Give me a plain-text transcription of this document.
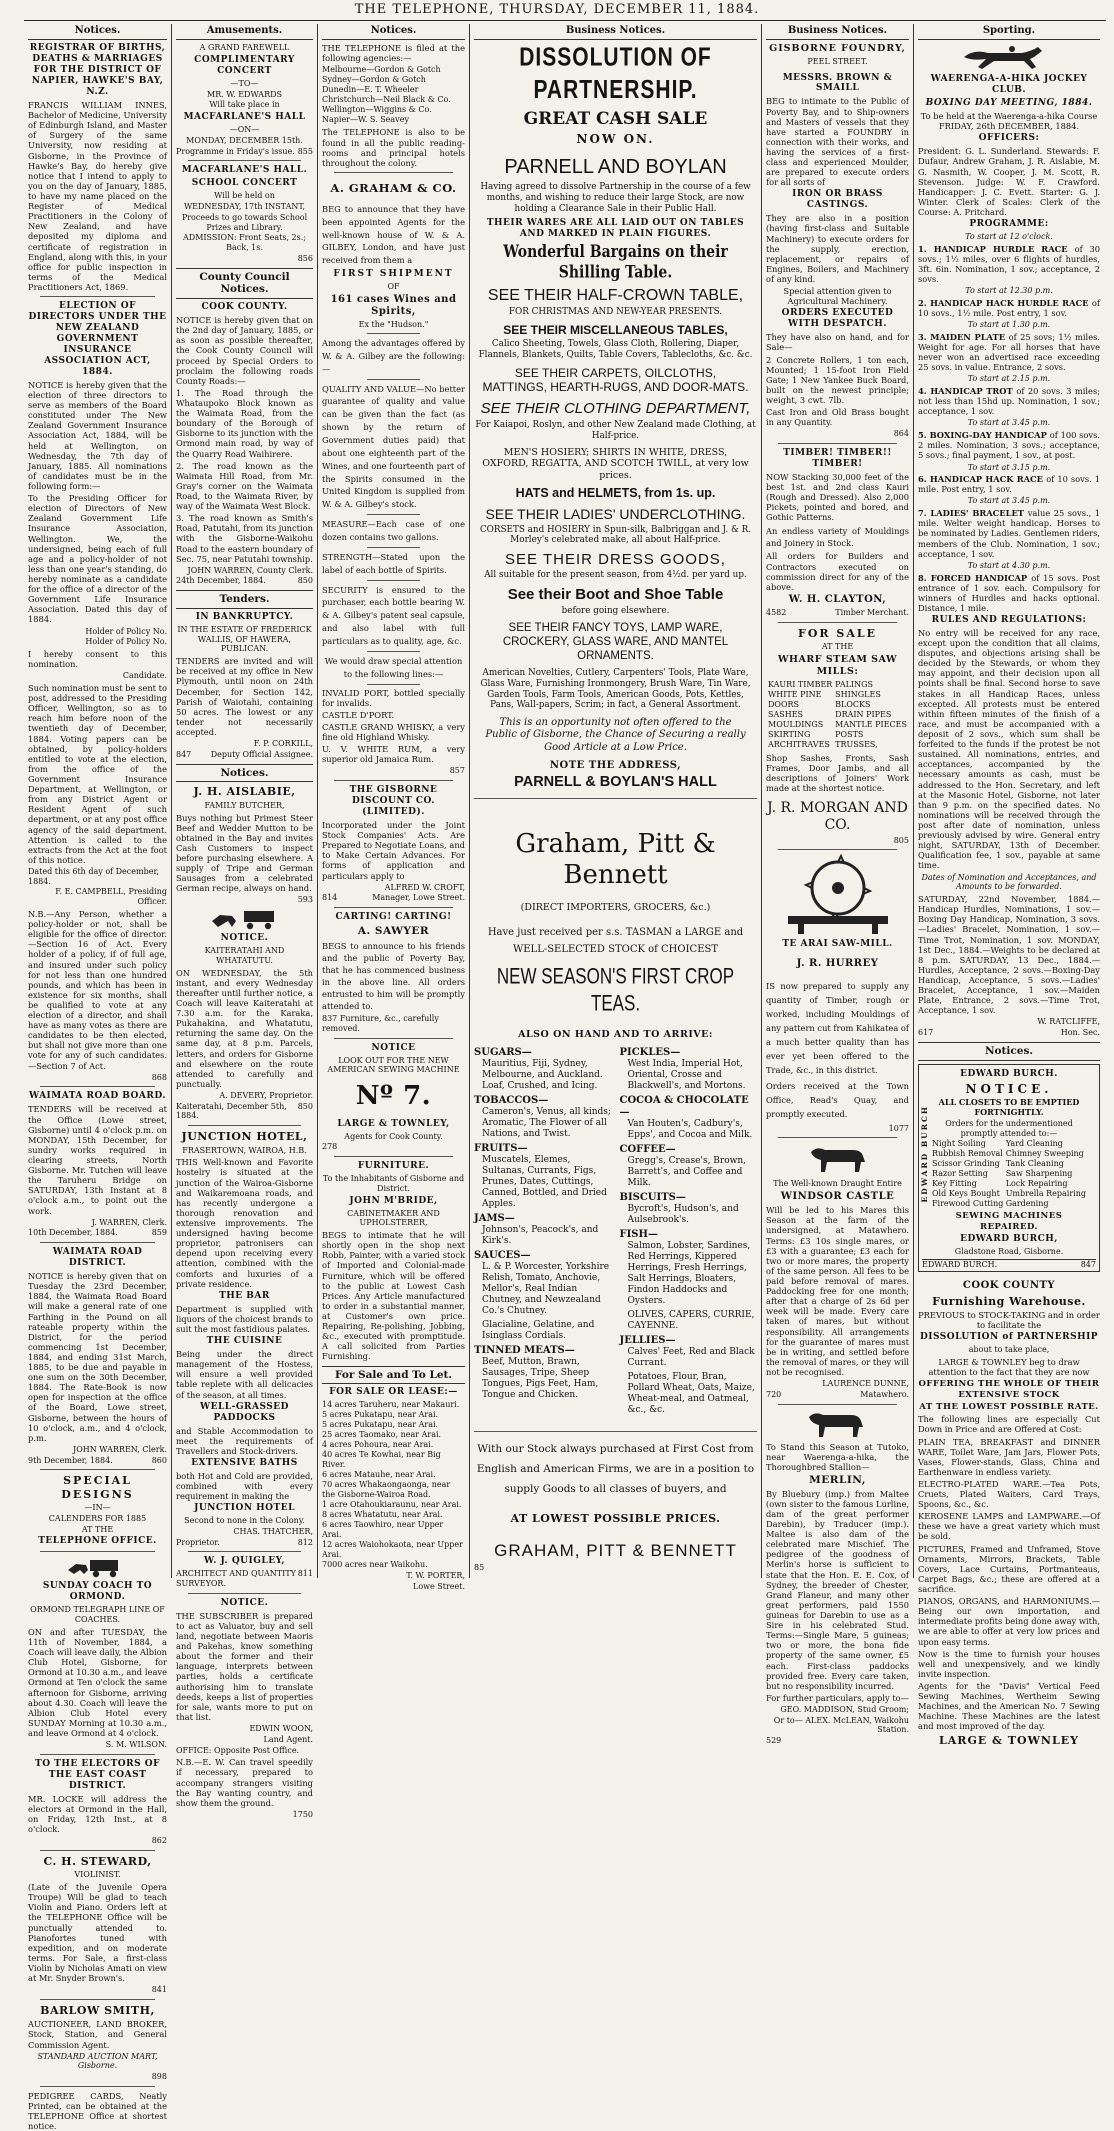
THE TELEPHONE, THURSDAY, DECEMBER 11, 1884.
Notices.
REGISTRAR OF BIRTHS, DEATHS & MARRIAGES FOR THE DISTRICT OF NAPIER, HAWKE'S BAY, N.Z.

FRANCIS WILLIAM INNES, Bachelor of Medicine, University of Edinburgh Island, and Master of Surgery of the same University, now residing at Gisborne, in the Province of Hawke's Bay, do hereby give notice that I intend to apply to you on the day of January, 1885, to have my name placed on the Register of Medical Practitioners in the Colony of New Zealand, and have deposited my diploma and certificate of registration in England, along with this, in your office for public inspection in terms of the Medical Practitioners Act, 1869.

ELECTION OF DIRECTORS UNDER THE NEW ZEALAND GOVERNMENT INSURANCE ASSOCIATION ACT, 1884.

NOTICE is hereby given that the election of three directors to serve as members of the Board constituted under The New Zealand Government Insurance Association Act, 1884, will be held at Wellington, on Wednesday, the 7th day of January, 1885. All nominations of candidates must be in the following form:—

To the Presiding Officer for election of Directors of New Zealand Government Life Insurance Association, Wellington. We, the undersigned, being each of full age and a policy-holder of not less than one year's standing, do hereby nominate as a candidate for the office of a director of the Government Life Insurance Association. Dated this day of 1884.

Holder of Policy No.
Holder of Policy No.

I hereby consent to this nomination.

Candidate.

Such nomination must be sent to post, addressed to the Presiding Officer, Wellington, so as to reach him before noon of the twentieth day of December, 1884. Voting papers can be obtained, by policy-holders entitled to vote at the election, from the office of the Government Insurance Department, at Wellington, or from any District Agent or Resident Agent of such department, or at any post office agency of the said department. Attention is called to the extracts from the Act at the foot of this notice.

Dated this 6th day of December, 1884.
F. E. CAMPBELL, Presiding Officer.

N.B.—Any Person, whether a policy-holder or not, shall be eligible for the office of director.—Section 16 of Act. Every holder of a policy, if of full age, and insured under such policy for not less than one hundred pounds, and which has been in existence for six months, shall be qualified to vote at any election of a director, and shall have as many votes as there are candidates to be then elected, but shall not give more than one vote for any of such candidates.—Section 7 of Act.

868
WAIMATA ROAD BOARD.

TENDERS will be received at the Office (Lowe street, Gisborne) until 4 o'clock p.m. on MONDAY, 15th December, for sundry works required in clearing streets, North Gisborne. Mr. Tutchen will leave the Taruheru Bridge on SATURDAY, 13th Instant at 8 o'clock a.m., to point out the work.

J. WARREN, Clerk.
10th December, 1884.	859
WAIMATA ROAD DISTRICT.

NOTICE is hereby given that on Tuesday the 23rd December, 1884, the Waimata Road Board will make a general rate of one Farthing in the Pound on all rateable property within the District, for the period commencing 1st December, 1884, and ending 31st March, 1885, to be due and payable in one sum on the 30th December, 1884. The Rate-Book is now open for inspection at the office of the Board, Lowe street, Gisborne, between the hours of 10 o'clock, a.m., and 4 o'clock, p.m.

JOHN WARREN, Clerk.
9th December, 1884.	860
SPECIAL DESIGNS
—IN—
CALENDERS FOR 1885
AT THE
TELEPHONE OFFICE.
SUNDAY COACH TO ORMOND.
ORMOND TELEGRAPH LINE OF COACHES.

ON and after TUESDAY, the 11th of November, 1884, a Coach will leave daily, the Albion Club Hotel, Gisborne, for Ormond at 10.30 a.m., and leave Ormond at Ten o'clock the same afternoon for Gisborne, arriving about 4.30. Coach will leave the Albion Club Hotel every SUNDAY Morning at 10.30 a.m., and leave Ormond at 4 o'clock.

S. M. WILSON.
TO THE ELECTORS OF THE EAST COAST DISTRICT.

MR. LOCKE will address the electors at Ormond in the Hall, on Friday, 12th Inst., at 8 o'clock.

862
C. H. STEWARD,
VIOLINIST.

(Late of the Juvenile Opera Troupe) Will be glad to teach Violin and Piano. Orders left at the TELEPHONE Office will be punctually attended to. Pianofortes tuned with expedition, and on moderate terms. For Sale, a first-class Violin by Nicholas Amati on view at Mr. Snyder Brown's.

841
BARLOW SMITH,

AUCTIONEER, LAND BROKER, Stock, Station, and General Commission Agent.

STANDARD AUCTION MART, Gisborne.
898

PEDIGREE CARDS, Neatly Printed, can be obtained at the TELEPHONE Office at shortest notice.

Amusements.
A GRAND FAREWELL
COMPLIMENTARY CONCERT
—TO—
MR. W. EDWARDS
Will take place in
MACFARLANE'S HALL
—ON—
MONDAY, DECEMBER 15th.
Programme in Friday's issue. 855
MACFARLANE'S HALL.
SCHOOL CONCERT
Will be held on
WEDNESDAY, 17th INSTANT,
Proceeds to go towards School Prizes and Library.
ADMISSION: Front Seats, 2s.; Back, 1s.
856
County Council Notices.
COOK COUNTY.

NOTICE is hereby given that on the 2nd day of January, 1885, or as soon as possible thereafter, the Cook County Council will proceed by Special Orders to proclaim the following roads County Roads:—

1. The Road through the Whataupoko Block known as the Waimata Road, from the boundary of the Borough of Gisborne to its junction with the Ormond main road, by way of the Quarry Road Waihirere.

2. The road known as the Waimata Hill Road, from Mr. Gray's corner on the Waimata Road, to the Waimata River, by way of the Waimata West Block.

3. The road known as Smith's Road, Patutahi, from its junction with the Gisborne-Waikohu Road to the eastern boundary of Sec. 75, near Patutahi township.

JOHN WARREN, County Clerk.
24th December, 1884.	850
Tenders.
IN BANKRUPTCY.
IN THE ESTATE OF FREDERICK WALLIS, OF HAWERA, PUBLICAN.

TENDERS are invited and will be received at my office in New Plymouth, until noon on 24th December, for Section 142, Parish of Waiotahi, containing 50 acres. The lowest or any tender not necessarily accepted.

F. P. CORKILL,
847 Deputy Official Assignee.
Notices.
J. H. AISLABIE,
FAMILY BUTCHER,

Buys nothing but Primest Steer Beef and Wedder Mutton to be obtained in the Bay and invites Cash Customers to inspect before purchasing elsewhere. A supply of Tripe and German Sausages from a celebrated German recipe, always on hand.

593
NOTICE.
KAITERATAHI AND WHATATUTU.

ON WEDNESDAY, the 5th instant, and every Wednesday thereafter until further notice, a Coach will leave Kaiteratahi at 7.30 a.m. for the Karaka, Pukahakina, and Whatatutu, returning the same day. On the same day, at 8 p.m. Parcels, letters, and orders for Gisborne and elsewhere on the route attended to carefully and punctually.

A. DEVERY, Proprietor.
Kaiteratahi, December 5th, 1884.
850
JUNCTION HOTEL,
FRASERTOWN, WAIROA, H.B.

THIS Well-known and Favorite hostelry is situated at the junction of the Wairoa-Gisborne and Waikaremoana roads, and has recently undergone a thorough renovation and extensive improvements. The undersigned having become proprietor, patronisers can depend upon receiving every attention, combined with the comforts and luxuries of a private residence.

THE BAR

Department is supplied with liquors of the choicest brands to suit the most fastidious palates.

THE CUISINE

Being under the direct management of the Hostess, will ensure a well provided table replete with all delicacies of the season, at all times.

WELL-GRASSED PADDOCKS

and Stable Accommodation to meet the requirements of Travellers and Stock-drivers.

EXTENSIVE BATHS

both Hot and Cold are provided, combined with every requirement in making the

JUNCTION HOTEL
Second to none in the Colony.
CHAS. THATCHER,
Proprietor.	812
W. J. QUIGLEY,
ARCHITECT AND QUANTITY SURVEYOR.
811
NOTICE.

THE SUBSCRIBER is prepared to act as Valuator, buy and sell land, negotiate between Maoris and Pakehas, know something about the former and their language, interprets between parties, holds a certificate authorising him to translate deeds, keeps a list of properties for sale, wants more to put on that list.

EDWIN WOON,
Land Agent.
OFFICE: Opposite Post Office.

N.B.—E. W. Can travel speedily if necessary, prepared to accompany strangers visiting the Bay wanting country, and show them the ground.

1750
Notices.

THE TELEPHONE is filed at the following agencies:—

Melbourne—Gordon & Gotch
Sydney—Gordon & Gotch
Dunedin—E. T. Wheeler
Christchurch—Neil Black & Co.
Wellington—Wiggins & Co.
Napier—W. S. Seavey

The TELEPHONE is also to be found in all the public reading-rooms and principal hotels throughout the colony.

A. GRAHAM & CO.

BEG to announce that they have been appointed Agents for the well-known house of W. & A. GILBEY, London, and have just received from them a

FIRST SHIPMENT
OF
161 cases Wines and Spirits,
Ex the "Hudson."

Among the advantages offered by W. & A. Gilbey are the following:—

QUALITY AND VALUE—No better guarantee of quality and value can be given than the fact (as shown by the return of Government duties paid) that about one eighteenth part of the Wines, and one fourteenth part of the Spirits consumed in the United Kingdom is supplied from W. & A. Gilbey's stock.

MEASURE—Each case of one dozen contains two gallons.

STRENGTH—Stated upon the label of each bottle of Spirits.

SECURITY is ensured to the purchaser, each bottle bearing W. & A. Gilbey's patent seal capsule, and also label with full particulars as to quality, age, &c.

We would draw special attention to the following lines:—

INVALID PORT, bottled specially for invalids.

CASTLE D'PORT.

CASTLE GRAND WHISKY, a very fine old Highland Whisky.

U. V. WHITE RUM, a very superior old Jamaica Rum.

857
THE GISBORNE DISCOUNT CO. (LIMITED).

Incorporated under the Joint Stock Companies' Acts. Are Prepared to Negotiate Loans, and to Make Certain Advances. For forms of application and particulars apply to

ALFRED W. CROFT,
814	Manager, Lowe Street.
CARTING! CARTING!
A. SAWYER

BEGS to announce to his friends and the public of Poverty Bay, that he has commenced business in the above line. All orders entrusted to him will be promptly attended to.

837 Furniture, &c., carefully removed.
NOTICE
LOOK OUT FOR THE NEW AMERICAN SEWING MACHINE
Nº 7.
LARGE & TOWNLEY,
Agents for Cook County.
278
FURNITURE.
To the Inhabitants of Gisborne and District.
JOHN M'BRIDE,
CABINETMAKER AND UPHOLSTERER,

BEGS to intimate that he will shortly open in the shop next Robb, Painter, with a varied stock of Imported and Colonial-made Furniture, which will be offered to the public at Lowest Cash Prices. Any Article manufactured to order in a substantial manner, at Customer's own price. Repairing, Re-polishing, Jobbing, &c., executed with promptitude. A call solicited from Parties Furnishing.

For Sale and To Let.
FOR SALE OR LEASE:—
14 acres Taruheru, near Makauri.
5 acres Pukatapu, near Arai.
5 acres Pukatapu, near Arai.
25 acres Taomako, near Arai.
4 acres Pohoura, near Arai.
40 acres Te Kowhai, near Big River.
6 acres Matauhe, near Arai.
70 acres Whakaongaonga, near the Gisborne-Wairoa Road.
1 acre Otahoukiaraunu, near Arai.
8 acres Whatatutu, near Arai.
6 acres Taowhiro, near Upper Arai.
12 acres Waiohokaota, near Upper Arai.
7000 acres near Waikohu.
T. W. PORTER,
Lowe Street.
Business Notices.
DISSOLUTION OF PARTNERSHIP.
GREAT CASH SALE
NOW ON.
PARNELL AND BOYLAN

Having agreed to dissolve Partnership in the course of a few months, and wishing to reduce their large Stock, are now holding a Clearance Sale in their Public Hall.

THEIR WARES ARE ALL LAID OUT ON TABLES AND MARKED IN PLAIN FIGURES.
Wonderful Bargains on their Shilling Table.
SEE THEIR HALF-CROWN TABLE,
FOR CHRISTMAS AND NEW-YEAR PRESENTS.
SEE THEIR MISCELLANEOUS TABLES,

Calico Sheeting, Towels, Glass Cloth, Rollering, Diaper, Flannels, Blankets, Quilts, Table Covers, Tablecloths, &c. &c.

SEE THEIR CARPETS, OILCLOTHS, MATTINGS, HEARTH-RUGS, AND DOOR-MATS.
SEE THEIR CLOTHING DEPARTMENT,

For Kaiapoi, Roslyn, and other New Zealand made Clothing, at Half-price.

MEN'S HOSIERY; SHIRTS IN WHITE, DRESS, OXFORD, REGATTA, AND SCOTCH TWILL, at very low prices.

HATS and HELMETS, from 1s. up.
SEE THEIR LADIES' UNDERCLOTHING.

CORSETS and HOSIERY in Spun-silk, Balbriggan and J. & R. Morley's celebrated make, all about Half-price.

SEE THEIR DRESS GOODS,
All suitable for the present season, from 4½d. per yard up.
See their Boot and Shoe Table
before going elsewhere.
SEE THEIR FANCY TOYS, LAMP WARE, CROCKERY, GLASS WARE, AND MANTEL ORNAMENTS.

American Novelties, Cutlery, Carpenters' Tools, Plate Ware, Glass Ware, Furnishing Ironmongery, Brush Ware, Tin Ware, Garden Tools, Farm Tools, American Goods, Pots, Kettles, Pans, Wall-papers, Scrim; in fact, a General Assortment.

This is an opportunity not often offered to the Public of Gisborne, the Chance of Securing a really Good Article at a Low Price.

NOTE THE ADDRESS,
PARNELL & BOYLAN'S HALL
Graham, Pitt & Bennett
(DIRECT IMPORTERS, GROCERS, &c.)

Have just received per s.s. TASMAN a LARGE and WELL-SELECTED STOCK of CHOICEST

NEW SEASON'S FIRST CROP TEAS.
ALSO ON HAND AND TO ARRIVE:
SUGARS—
Mauritius, Fiji, Sydney, Melbourne, and Auckland. Loaf, Crushed, and Icing.
TOBACCOS—
Cameron's, Venus, all kinds; Aromatic, The Flower of all Nations, and Twist.
FRUITS—
Muscatels, Elemes, Sultanas, Currants, Figs, Prunes, Dates, Cuttings, Canned, Bottled, and Dried Apples.
JAMS—
Johnson's, Peacock's, and Kirk's.
SAUCES—
L. & P. Worcester, Yorkshire Relish, Tomato, Anchovie, Mellor's, Real Indian Chutney, and Newzealand Co.'s Chutney.
Glacialine, Gelatine, and Isinglass Cordials.
TINNED MEATS—
Beef, Mutton, Brawn, Sausages, Tripe, Sheep Tongues, Pigs Feet, Ham, Tongue and Chicken.
PICKLES—
West India, Imperial Hot, Oriental, Crosse and Blackwell's, and Mortons.
COCOA & CHOCOLATE—
Van Houten's, Cadbury's, Epps', and Cocoa and Milk.
COFFEE—
Gregg's, Crease's, Brown, Barrett's, and Coffee and Milk.
BISCUITS—
Bycroft's, Hudson's, and Aulsebrook's.
FISH—
Salmon, Lobster, Sardines, Red Herrings, Kippered Herrings, Fresh Herrings, Salt Herrings, Bloaters, Findon Haddocks and Oysters.
OLIVES, CAPERS, CURRIE, CAYENNE.
JELLIES—
Calves' Feet, Red and Black Currant.
Potatoes, Flour, Bran, Pollard Wheat, Oats, Maize, Wheat-meal, and Oatmeal, &c., &c.

With our Stock always purchased at First Cost from English and American Firms, we are in a position to supply Goods to all classes of buyers, and

AT LOWEST POSSIBLE PRICES.
GRAHAM, PITT & BENNETT
85
Business Notices.
GISBORNE FOUNDRY,
PEEL STREET.
MESSRS. BROWN & SMAILL

BEG to intimate to the Public of Poverty Bay, and to Ship-owners and Masters of vessels that they have started a FOUNDRY in connection with their works, and having the services of a first-class and experienced Moulder, are prepared to execute orders for all sorts of

IRON OR BRASS CASTINGS.

They are also in a position (having first-class and Suitable Machinery) to execute orders for the supply, erection, replacement, or repairs of Engines, Boilers, and Machinery of any kind.

Special attention given to Agricultural Machinery.

ORDERS EXECUTED WITH DESPATCH.

They have also on hand, and for Sale—

2 Concrete Rollers, 1 ton each, Mounted; 1 15-foot Iron Field Gate; 1 New Yankee Buck Board, built on the newest principle; weight, 3 cwt. 7lb.

Cast Iron and Old Brass bought in any Quantity.

864
TIMBER! TIMBER!! TIMBER!

NOW Stacking 30,000 feet of the best 1st. and 2nd class Kauri (Rough and Dressed). Also 2,000 Pickets, pointed and bored, and Gothic Patterns.

An endless variety of Mouldings and Joinery in Stock.

All orders for Builders and Contractors executed on commission direct for any of the above.

W. H. CLAYTON,
4582	Timber Merchant.
FOR SALE
AT THE
WHARF STEAM SAW MILLS:
KAURI TIMBER
WHITE PINE
DOORS
SASHES
MOULDINGS
SKIRTING
ARCHITRAVES
PALINGS
SHINGLES
BLOCKS
DRAIN PIPES
MANTLE PIECES
POSTS
TRUSSES,

Shop Sashes, Fronts, Sash Frames, Door Jambs, and all descriptions of Joiners' Work made at the shortest notice.

J. R. MORGAN AND CO.
805
TE ARAI SAW-MILL.
J. R. HURREY

IS now prepared to supply any quantity of Timber, rough or worked, including Mouldings of any pattern cut from Kahikatea of a much better quality than has ever yet been offered to the Trade, &c., in this district.

Orders received at the Town Office, Read's Quay, and promptly executed.

1077
The Well-known Draught Entire
WINDSOR CASTLE

Will be led to his Mares this Season at the farm of the undersigned, at Matawhero. Terms: £3 10s single mares, or £3 with a guarantee; £3 each for two or more mares, the property of the same person. All fees to be paid before removal of mares. Paddocking free for one month; after that a charge of 2s 6d per week will be made. Every care taken of mares, but without responsibility. All arrangements for the guarantee of mares must be in writing, and settled before the removal of mares, or they will not be recognised.

LAURENCE DUNNE,
720	Matawhero.

To Stand this Season at Tutoko, near Waerenga-a-hika, the Thoroughbred Stallion—

MERLIN,

By Bluebury (imp.) from Maltee (own sister to the famous Lurline, dam of the great performer Darebin), by Traducer (imp.). Maltee is also dam of the celebrated mare Mischief. The pedigree of the goodness of Merlin's horse is sufficient to state that the Hon. E. E. Cox, of Sydney, the breeder of Chester, Grand Flaneur, and many other great performers, paid 1550 guineas for Darebin to use as a Sire in his celebrated Stud. Terms:—Single Mare, 5 guineas; two or more, the bona fide property of the same owner, £5 each. First-class paddocks provided free. Every care taken, but no responsibility incurred.

For further particulars, apply to—

GEO. MADDISON, Stud Groom;
Or to— ALEX. McLEAN, Waikohu Station.
529
Sporting.
WAERENGA-A-HIKA JOCKEY CLUB.
BOXING DAY MEETING, 1884.

To be held at the Waerenga-a-hika Course FRIDAY, 26th DECEMBER, 1884.

OFFICERS:

President: G. L. Sunderland. Stewards: F. Dufaur, Andrew Graham, J. R. Aislabie, M. G. Nasmith, W. Cooper, J. M. Scott, R. Stevenson. Judge: W. F. Crawford. Handicapper: J. C. Evett. Starter: G. J. Winter. Clerk of Scales: Clerk of the Course: A. Pritchard.

PROGRAMME:
To start at 12 o'clock.

1. HANDICAP HURDLE RACE of 30 sovs.; 1½ miles, over 6 flights of hurdles, 3ft. 6in. Nomination, 1 sov.; acceptance, 2 sovs.

To start at 12.30 p.m.

2. HANDICAP HACK HURDLE RACE of 10 sovs., 1½ mile. Post entry, 1 sov.

To start at 1.30 p.m.

3. MAIDEN PLATE of 25 sovs; 1½ miles. Weight for age. For all horses that have never won an advertised race exceeding 25 sovs. in value. Entrance, 2 sovs.

To start at 2.15 p.m.

4. HANDICAP TROT of 20 sovs. 3 miles; not less than 15hd up. Nomination, 1 sov.; acceptance, 1 sov.

To start at 3.45 p.m.

5. BOXING-DAY HANDICAP of 100 sovs. 2 miles. Nomination, 3 sovs.; acceptance, 5 sovs.; final payment, 1 sov., at post.

To start at 3.15 p.m.

6. HANDICAP HACK RACE of 10 sovs. 1 mile. Post entry, 1 sov.

To start at 3.45 p.m.

7. LADIES' BRACELET value 25 sovs., 1 mile. Welter weight handicap. Horses to be nominated by Ladies. Gentlemen riders, members of the Club. Nomination, 1 sov.; acceptance, 1 sov.

To start at 4.30 p.m.

8. FORCED HANDICAP of 15 sovs. Post entrance of 1 sov. each. Compulsory for winners of Hurdles and hacks optional. Distance, 1 mile.

RULES AND REGULATIONS:

No entry will be received for any race, except upon the condition that all claims, disputes, and objections arising shall be decided by the Stewards, or whom they may appoint, and their decision upon all points shall be final. Second horse to save stakes in all Handicap Races, unless excepted. All protests must be entered within fifteen minutes of the finish of a race, and must be accompanied with a deposit of 2 sovs., which sum shall be forfeited to the funds if the protest be not sustained. All nominations, entries, and acceptances, accompanied by the necessary amounts as cash, must be addressed to the Hon. Secretary, and left at the Masonic Hotel, Gisborne, not later than 9 p.m. on the specified dates. No nominations will be received through the post after date of nomination, unless previously advised by wire. General entry night, SATURDAY, 13th of December. Qualification fee, 1 sov., payable at same time.

Dates of Nomination and Acceptances, and Amounts to be forwarded.

SATURDAY, 22nd November, 1884.—Handicap Hurdles, Nominations, 1 sov.—Boxing Day Handicap, Nomination, 3 sovs.—Ladies' Bracelet, Nomination, 1 sov.—Time Trot, Nomination, 1 sov. MONDAY, 1st Dec., 1884.—Weights to be declared at 8 p.m. SATURDAY, 13 Dec., 1884.—Hurdles, Acceptance, 2 sovs.—Boxing-Day Handicap, Acceptance, 5 sovs.—Ladies' Bracelet, Acceptance, 1 sov.—Maiden Plate, Entrance, 2 sovs.—Time Trot, Acceptance, 1 sov.

W. RATCLIFFE,
617	Hon. Sec.
Notices.
EDWARD BURCH.
EDWARD BURCH
NOTICE.
ALL CLOSETS TO BE EMPTIED FORTNIGHTLY.
Orders for the undermentioned promptly attended to:—
Night Soiling
Rubbish Removal
Scissor Grinding
Razor Setting
Key Fitting
Old Keys Bought
Firewood Cutting
Yard Cleaning
Chimney Sweeping
Tank Cleaning
Saw Sharpening
Lock Repairing
Umbrella Repairing
Gardening
SEWING MACHINES REPAIRED.
EDWARD BURCH,
Gladstone Road, Gisborne.
EDWARD BURCH.	847
COOK COUNTY
Furnishing Warehouse.

PREVIOUS to STOCK-TAKING and in order to facilitate the

DISSOLUTION of PARTNERSHIP
about to take place,

LARGE & TOWNLEY beg to draw attention to the fact that they are now

OFFERING THE WHOLE OF THEIR EXTENSIVE STOCK
AT THE LOWEST POSSIBLE RATE.

The following lines are especially Cut Down in Price and are Offered at Cost:

PLAIN TEA, BREAKFAST and DINNER WARE, Toilet Ware, Jam Jars, Flower Pots, Vases, Flower-stands, Glass, China and Earthenware in endless variety.

ELECTRO-PLATED WARE.—Tea Pots, Cruets, Plated Waiters, Card Trays, Spoons, &c., &c.

KEROSENE LAMPS and LAMPWARE.—Of these we have a great variety which must be sold.

PICTURES, Framed and Unframed, Stove Ornaments, Mirrors, Brackets, Table Covers, Lace Curtains, Portmanteaus, Carpet Bags, &c.; these are offered at a sacrifice.

PIANOS, ORGANS, and HARMONIUMS.—Being our own importation, and intermediate profits being done away with, we are able to offer at very low prices and upon easy terms.

Now is the time to furnish your houses well and unexpensively, and we kindly invite inspection.

Agents for the "Davis" Vertical Feed Sewing Machines, Wertheim Sewing Machines, and the American No. 7 Sewing Machine. These Machines are the latest and most improved of the day.

LARGE & TOWNLEY
